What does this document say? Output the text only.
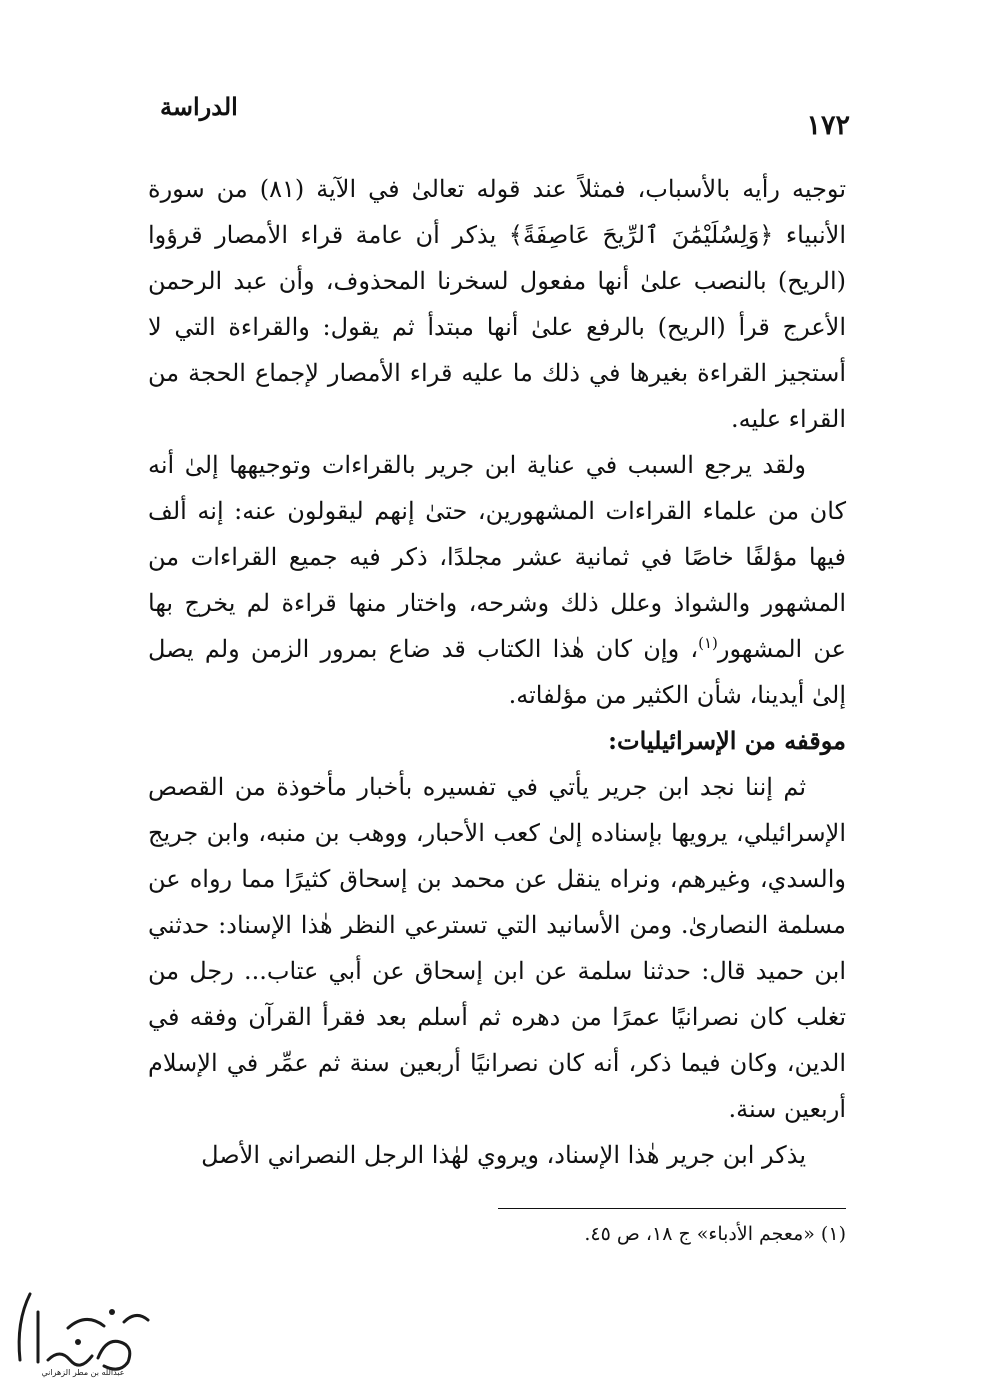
١٧٢
الدراسة

توجيه رأيه بالأسباب، فمثلاً عند قوله تعالىٰ في الآية (٨١) من سورة الأنبياء ﴿وَلِسُلَيْمَٰنَ ٱلرِّيحَ عَاصِفَةً﴾ يذكر أن عامة قراء الأمصار قرؤوا (الريح) بالنصب علىٰ أنها مفعول لسخرنا المحذوف، وأن عبد الرحمن الأعرج قرأ (الريح) بالرفع علىٰ أنها مبتدأ ثم يقول: والقراءة التي لا أستجيز القراءة بغيرها في ذلك ما عليه قراء الأمصار لإجماع الحجة من القراء عليه.

ولقد يرجع السبب في عناية ابن جرير بالقراءات وتوجيهها إلىٰ أنه كان من علماء القراءات المشهورين، حتىٰ إنهم ليقولون عنه: إنه ألف فيها مؤلفًا خاصًا في ثمانية عشر مجلدًا، ذكر فيه جميع القراءات من المشهور والشواذ وعلل ذلك وشرحه، واختار منها قراءة لم يخرج بها عن المشهور$^{(١)}$، وإن كان هٰذا الكتاب قد ضاع بمرور الزمن ولم يصل إلىٰ أيدينا، شأن الكثير من مؤلفاته.

موقفه من الإسرائيليات:

ثم إننا نجد ابن جرير يأتي في تفسيره بأخبار مأخوذة من القصص الإسرائيلي، يرويها بإسناده إلىٰ كعب الأحبار، ووهب بن منبه، وابن جريج والسدي، وغيرهم، ونراه ينقل عن محمد بن إسحاق كثيرًا مما رواه عن مسلمة النصارىٰ. ومن الأسانيد التي تسترعي النظر هٰذا الإسناد: حدثني ابن حميد قال: حدثنا سلمة عن ابن إسحاق عن أبي عتاب... رجل من تغلب كان نصرانيًا عمرًا من دهره ثم أسلم بعد فقرأ القرآن وفقه في الدين، وكان فيما ذكر، أنه كان نصرانيًا أربعين سنة ثم عمِّر في الإسلام أربعين سنة.

يذكر ابن جرير هٰذا الإسناد، ويروي لهٰذا الرجل النصراني الأصل

(١) «معجم الأدباء» ج ١٨، ص ٤٥.
عبدالله بن مطر الزهراني
